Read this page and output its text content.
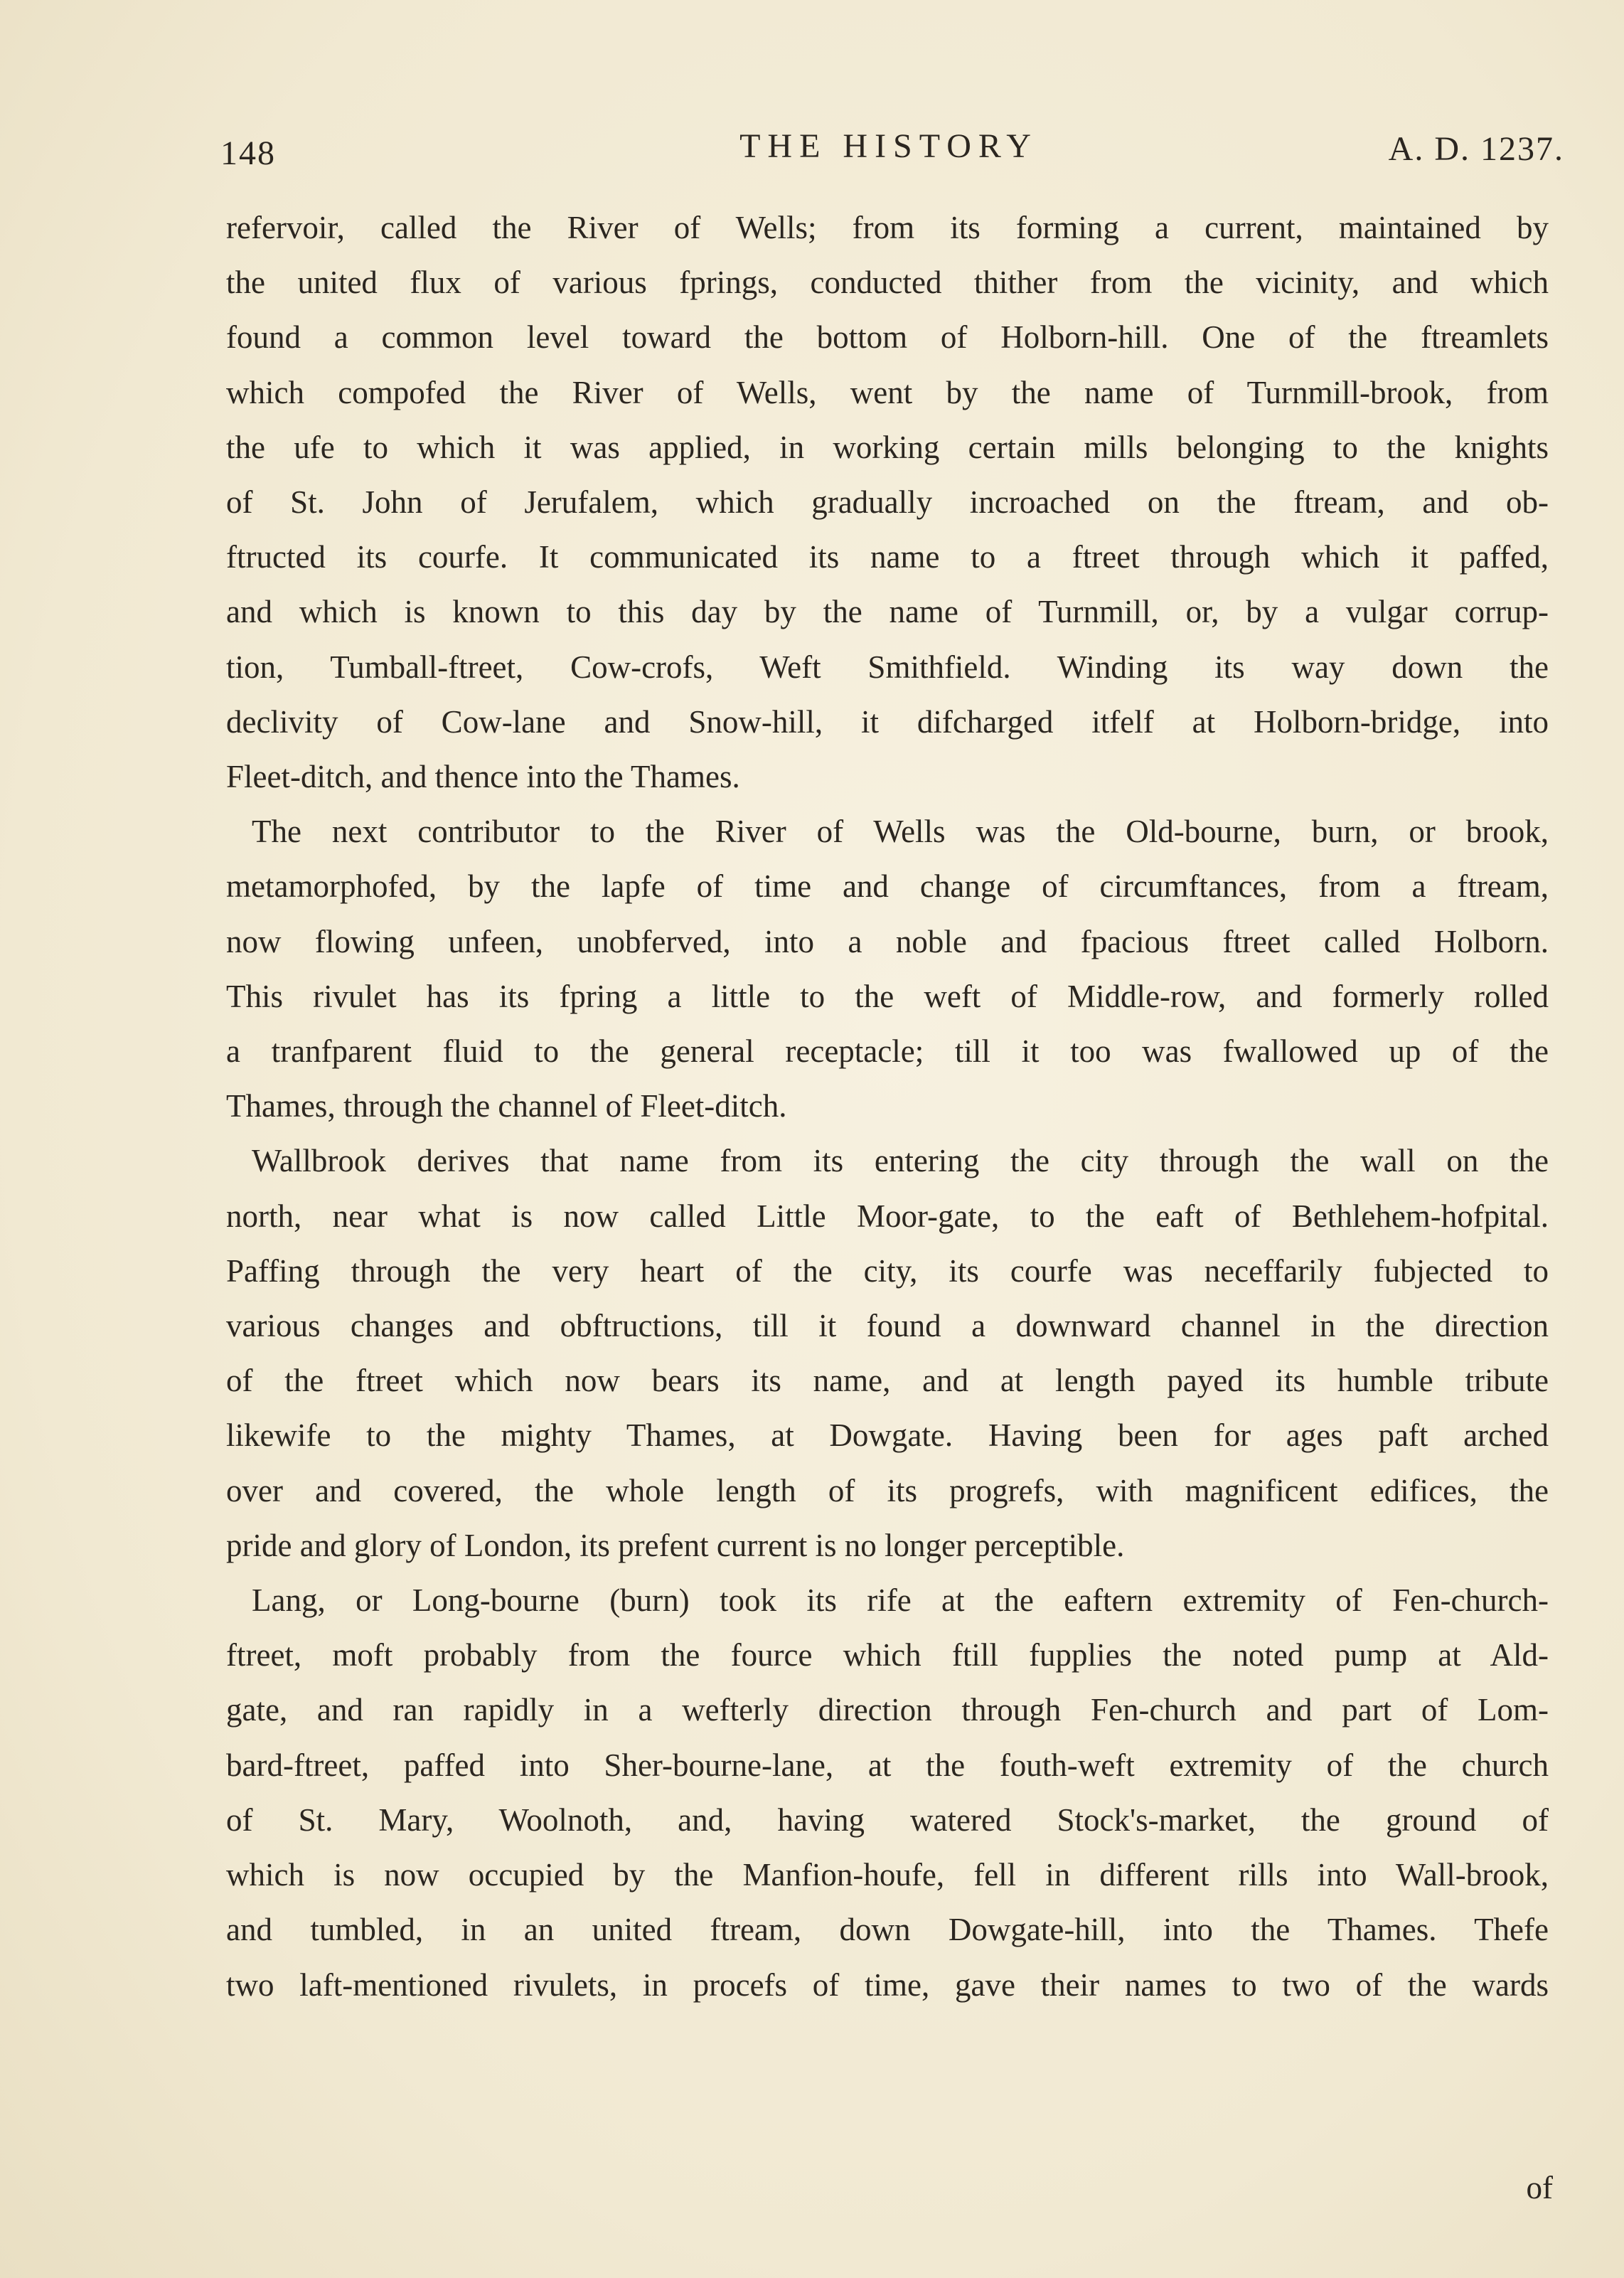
148	THE HISTORY	A. D. 1237.

refervoir, called the River of Wells; from its forming a current, maintained by

the united flux of various fprings, conducted thither from the vicinity, and which

found a common level toward the bottom of Holborn-hill. One of the ftreamlets

which compofed the River of Wells, went by the name of Turnmill-brook, from

the ufe to which it was applied, in working certain mills belonging to the knights

of St. John of Jerufalem, which gradually incroached on the ftream, and ob-

ftructed its courfe. It communicated its name to a ftreet through which it paffed,

and which is known to this day by the name of Turnmill, or, by a vulgar corrup-

tion, Tumball-ftreet, Cow-crofs, Weft Smithfield. Winding its way down the

declivity of Cow-lane and Snow-hill, it difcharged itfelf at Holborn-bridge, into

Fleet-ditch, and thence into the Thames.

The next contributor to the River of Wells was the Old-bourne, burn, or brook,

metamorphofed, by the lapfe of time and change of circumftances, from a ftream,

now flowing unfeen, unobferved, into a noble and fpacious ftreet called Holborn.

This rivulet has its fpring a little to the weft of Middle-row, and formerly rolled

a tranfparent fluid to the general receptacle; till it too was fwallowed up of the

Thames, through the channel of Fleet-ditch.

Wallbrook derives that name from its entering the city through the wall on the

north, near what is now called Little Moor-gate, to the eaft of Bethlehem-hofpital.

Paffing through the very heart of the city, its courfe was neceffarily fubjected to

various changes and obftructions, till it found a downward channel in the direction

of the ftreet which now bears its name, and at length payed its humble tribute

likewife to the mighty Thames, at Dowgate. Having been for ages paft arched

over and covered, the whole length of its progrefs, with magnificent edifices, the

pride and glory of London, its prefent current is no longer perceptible.

Lang, or Long-bourne (burn) took its rife at the eaftern extremity of Fen-church-

ftreet, moft probably from the fource which ftill fupplies the noted pump at Ald-

gate, and ran rapidly in a wefterly direction through Fen-church and part of Lom-

bard-ftreet, paffed into Sher-bourne-lane, at the fouth-weft extremity of the church

of St. Mary, Woolnoth, and, having watered Stock's-market, the ground of

which is now occupied by the Manfion-houfe, fell in different rills into Wall-brook,

and tumbled, in an united ftream, down Dowgate-hill, into the Thames. Thefe

two laft-mentioned rivulets, in procefs of time, gave their names to two of the wards

of
